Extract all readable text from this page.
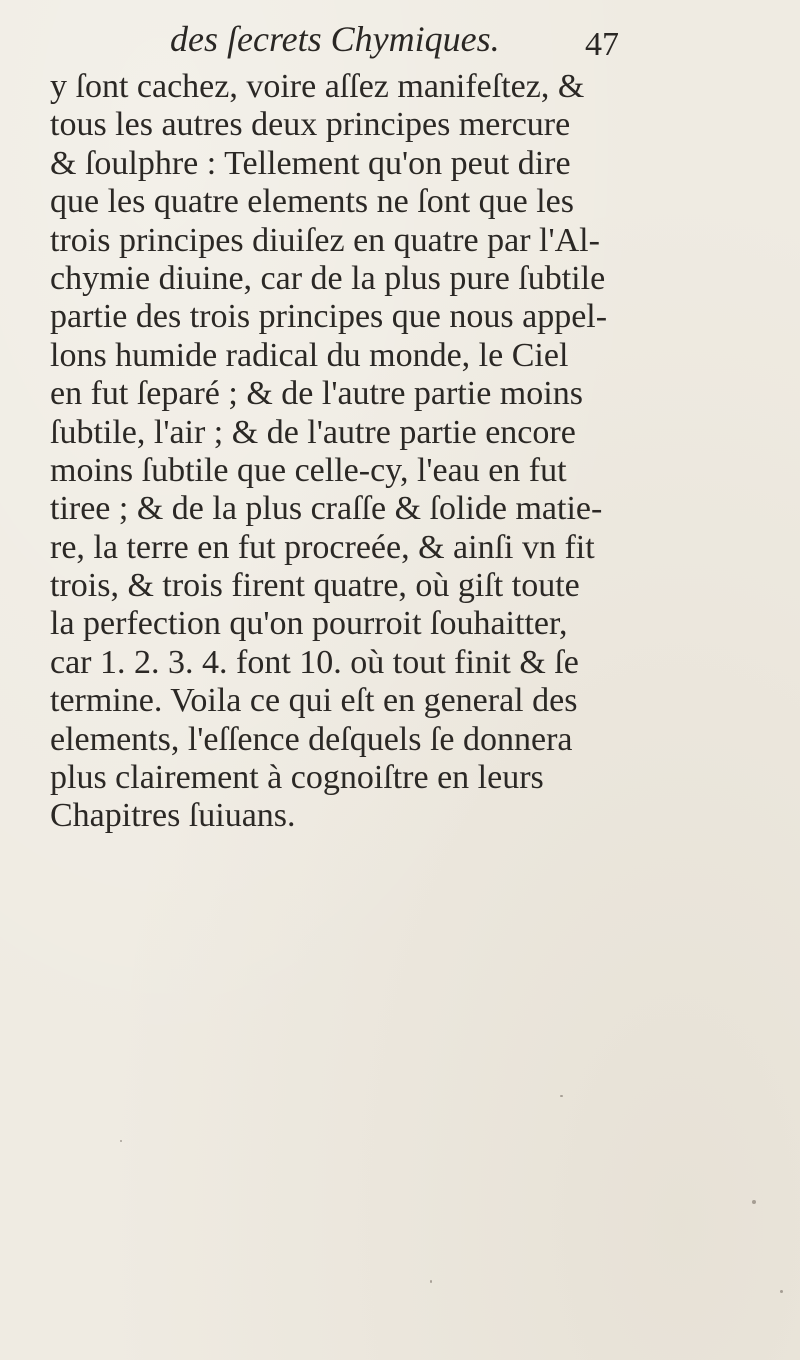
des ſecrets Chymiques.	47
y ſont cachez, voire aſſez manifeſtez, &
tous les autres deux principes mercure
& ſoulphre : Tellement qu'on peut dire
que les quatre elements ne ſont que les
trois principes diuiſez en quatre par l'Al-
chymie diuine, car de la plus pure ſubtile
partie des trois principes que nous appel-
lons humide radical du monde, le Ciel
en fut ſeparé ; & de l'autre partie moins
ſubtile, l'air ; & de l'autre partie encore
moins ſubtile que celle-cy, l'eau en fut
tiree ; & de la plus craſſe & ſolide matie-
re, la terre en fut procreée, & ainſi vn fit
trois, & trois firent quatre, où giſt toute
la perfection qu'on pourroit ſouhaitter,
car 1. 2. 3. 4. font 10. où tout finit & ſe
termine. Voila ce qui eſt en general des
elements, l'eſſence deſquels ſe donnera
plus clairement à cognoiſtre en leurs
Chapitres ſuiuans.
